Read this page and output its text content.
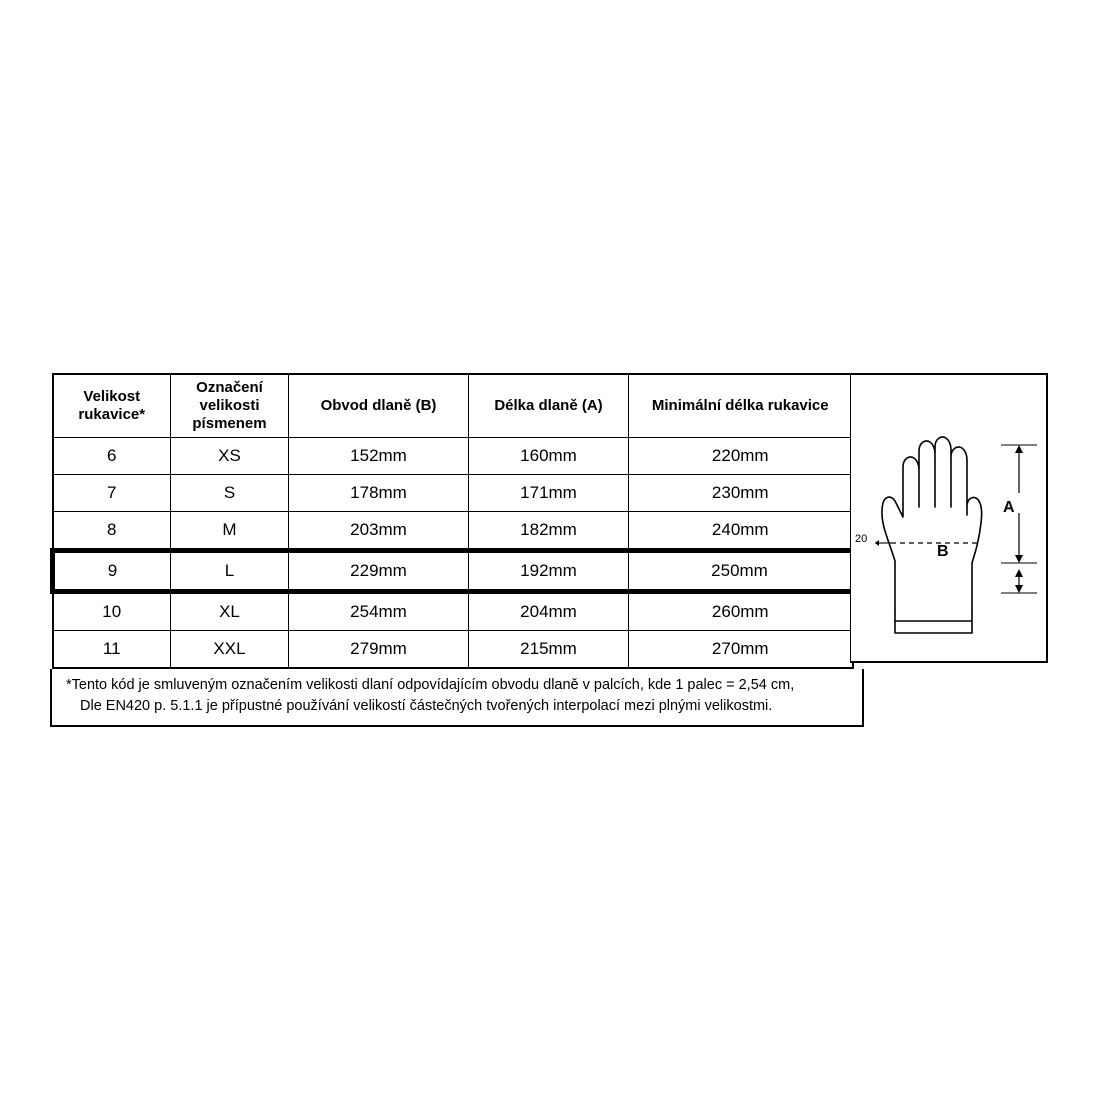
Velikost
rukavice*	Označení
velikosti
písmenem	Obvod dlaně (B)	Délka dlaně (A)	Minimální délka rukavice
6	XS	152mm	160mm	220mm
7	S	178mm	171mm	230mm
8	M	203mm	182mm	240mm
9	L	229mm	192mm	250mm
10	XL	254mm	204mm	260mm
11	XXL	279mm	215mm	270mm
*Tento kód je smluveným označením velikosti dlaní odpovídajícím obvodu dlaně v palcích, kde 1 palec = 2,54 cm,
Dle EN420 p. 5.1.1 je přípustné používání velikostí částečných tvořených interpolací mezi plnými velikostmi.
A
B
20
